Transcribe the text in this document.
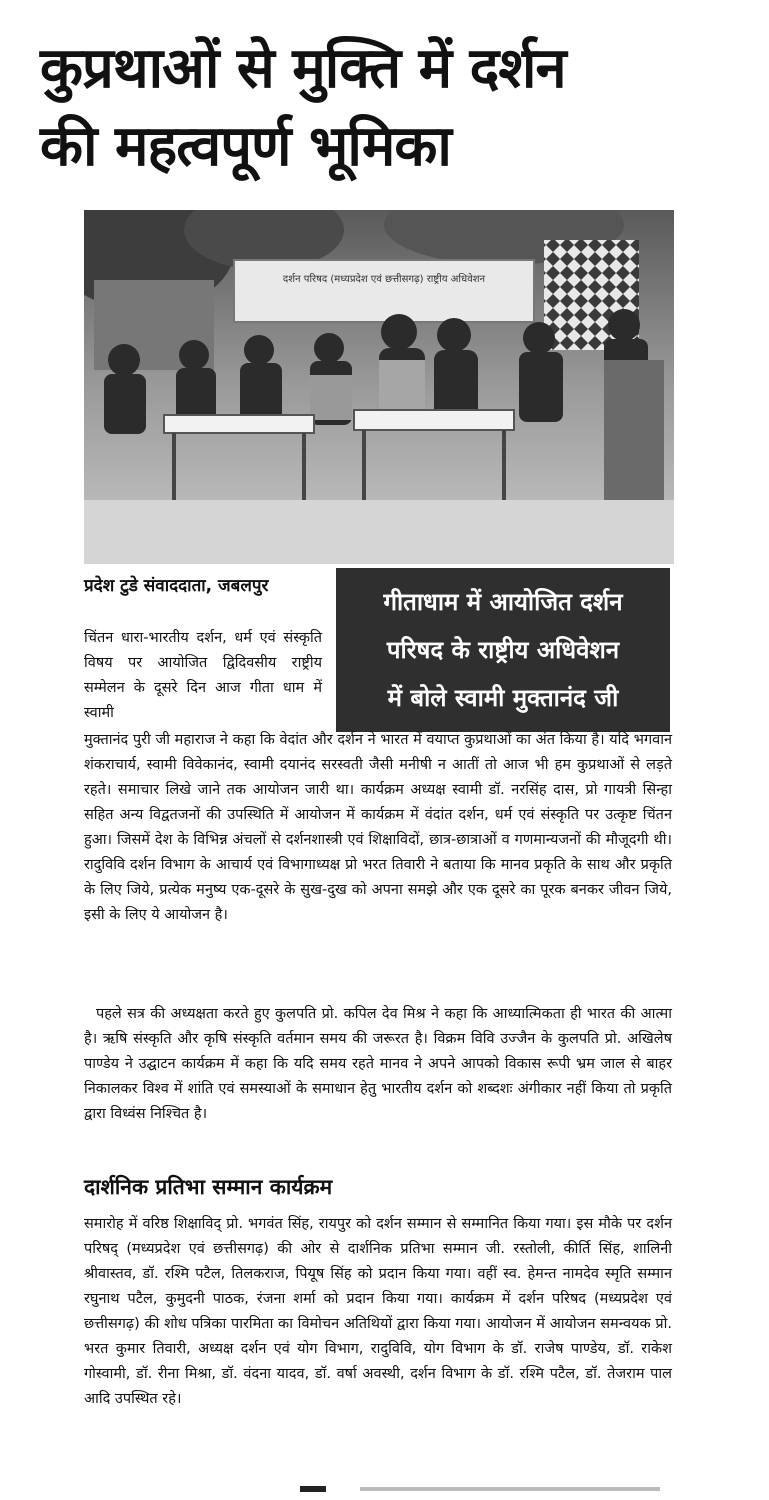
कुप्रथाओं से मुक्ति में दर्शन
की महत्वपूर्ण भूमिका
दर्शन परिषद (मध्यप्रदेश एवं छत्तीसगढ़) राष्ट्रीय अधिवेशन
प्रदेश टुडे संवाददाता, जबलपुर
गीताधाम में आयोजित दर्शन
परिषद के राष्ट्रीय अधिवेशन
में बोले स्वामी मुक्तानंद जी
चिंतन धारा-भारतीय दर्शन, धर्म एवं संस्कृति विषय पर आयोजित द्विदिवसीय राष्ट्रीय सम्मेलन के दूसरे दिन आज गीता धाम में स्वामी
मुक्तानंद पुरी जी महाराज ने कहा कि वेदांत और दर्शन ने भारत में वयाप्त कुप्रथाओं का अंत किया है। यदि भगवान शंकराचार्य, स्वामी विवेकानंद, स्वामी दयानंद सरस्वती जैसी मनीषी न आतीं तो आज भी हम कुप्रथाओं से लड़ते रहते। समाचार लिखे जाने तक आयोजन जारी था। कार्यक्रम अध्यक्ष स्वामी डॉ. नरसिंह दास, प्रो गायत्री सिन्हा सहित अन्य विद्वतजनों की उपस्थिति में आयोजन में कार्यक्रम में वंदांत दर्शन, धर्म एवं संस्कृति पर उत्कृष्ट चिंतन हुआ। जिसमें देश के विभिन्न अंचलों से दर्शनशास्त्री एवं शिक्षाविदों, छात्र-छात्राओं व गणमान्यजनों की मौजूदगी थी। रादुविवि दर्शन विभाग के आचार्य एवं विभागाध्यक्ष प्रो भरत तिवारी ने बताया कि मानव प्रकृति के साथ और प्रकृति के लिए जिये, प्रत्येक मनुष्य एक-दूसरे के सुख-दुख को अपना समझे और एक दूसरे का पूरक बनकर जीवन जिये, इसी के लिए ये आयोजन है।
पहले सत्र की अध्यक्षता करते हुए कुलपति प्रो. कपिल देव मिश्र ने कहा कि आध्यात्मिकता ही भारत की आत्मा है। ऋषि संस्कृति और कृषि संस्कृति वर्तमान समय की जरूरत है। विक्रम विवि उज्जैन के कुलपति प्रो. अखिलेष पाण्डेय ने उद्घाटन कार्यक्रम में कहा कि यदि समय रहते मानव ने अपने आपको विकास रूपी भ्रम जाल से बाहर निकालकर विश्व में शांति एवं समस्याओं के समाधान हेतु भारतीय दर्शन को शब्दशः अंगीकार नहीं किया तो प्रकृति द्वारा विध्वंस निश्चित है।
दार्शनिक प्रतिभा सम्मान कार्यक्रम
समारोह में वरिष्ठ शिक्षाविद् प्रो. भगवंत सिंह, रायपुर को दर्शन सम्मान से सम्मानित किया गया। इस मौके पर दर्शन परिषद् (मध्यप्रदेश एवं छत्तीसगढ़) की ओर से दार्शनिक प्रतिभा सम्मान जी. रस्तोली, कीर्ति सिंह, शालिनी श्रीवास्तव, डॉ. रश्मि पटैल, तिलकराज, पियूष सिंह को प्रदान किया गया। वहीं स्व. हेमन्त नामदेव स्मृति सम्मान रघुनाथ पटैल, कुमुदनी पाठक, रंजना शर्मा को प्रदान किया गया। कार्यक्रम में दर्शन परिषद (मध्यप्रदेश एवं छत्तीसगढ़) की शोध पत्रिका पारमिता का विमोचन अतिथियों द्वारा किया गया। आयोजन में आयोजन समन्वयक प्रो. भरत कुमार तिवारी, अध्यक्ष दर्शन एवं योग विभाग, रादुविवि, योग विभाग के डॉ. राजेष पाण्डेय, डॉ. राकेश गोस्वामी, डॉ. रीना मिश्रा, डॉ. वंदना यादव, डॉ. वर्षा अवस्थी, दर्शन विभाग के डॉ. रश्मि पटैल, डॉ. तेजराम पाल आदि उपस्थित रहे।
